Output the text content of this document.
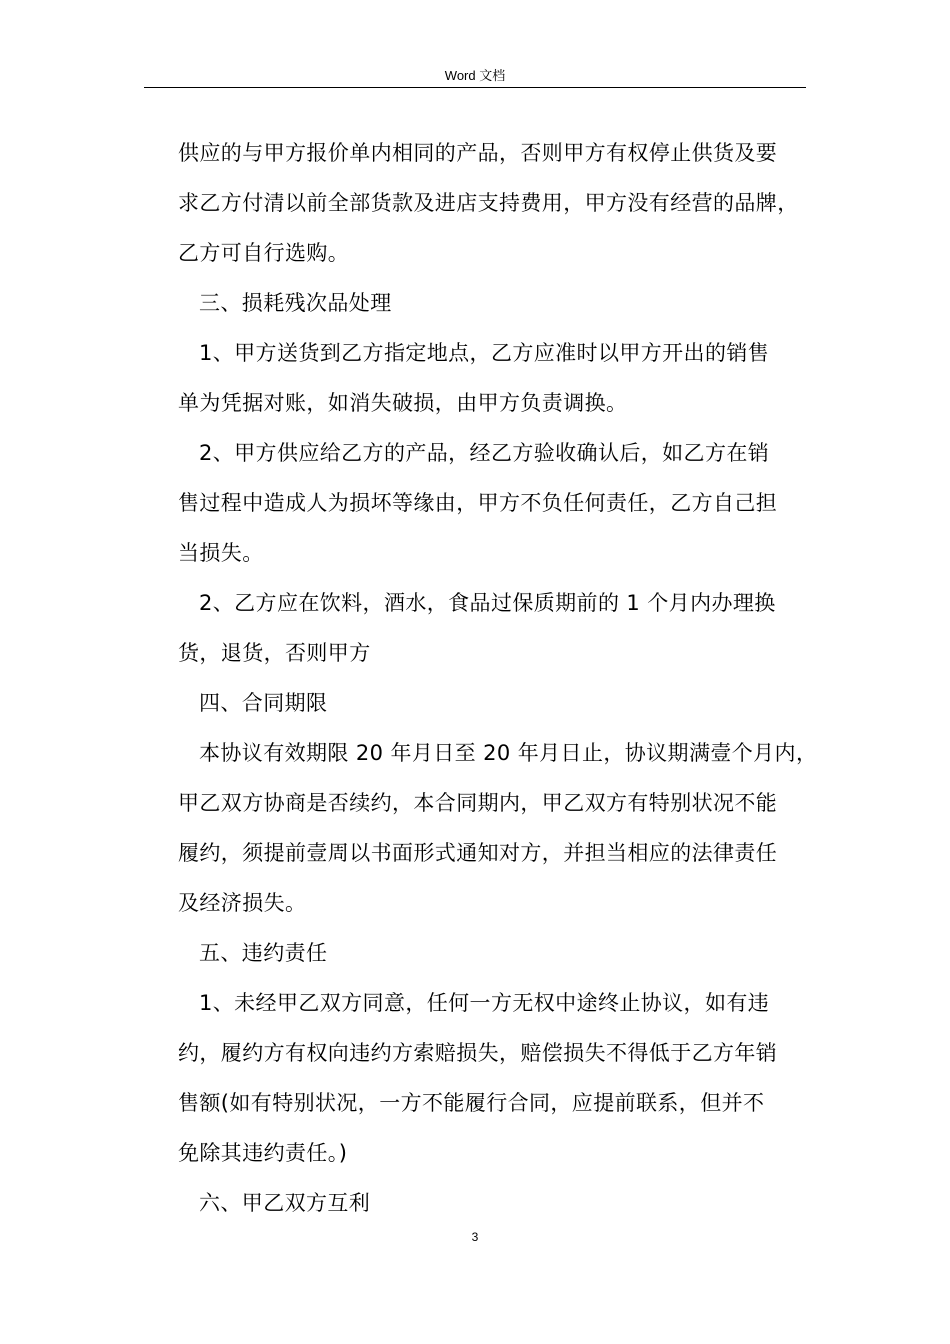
Word 文档
供应的与甲方报价单内相同的产品，否则甲方有权停止供货及要
求乙方付清以前全部货款及进店支持费用，甲方没有经营的品牌，
乙方可自行选购。
三、损耗残次品处理
1、甲方送货到乙方指定地点，乙方应准时以甲方开出的销售
单为凭据对账，如消失破损，由甲方负责调换。
2、甲方供应给乙方的产品，经乙方验收确认后，如乙方在销
售过程中造成人为损坏等缘由，甲方不负任何责任，乙方自己担
当损失。
2、乙方应在饮料，酒水，食品过保质期前的 1 个月内办理换
货，退货，否则甲方
四、合同期限
本协议有效期限 20 年月日至 20 年月日止，协议期满壹个月内，
甲乙双方协商是否续约，本合同期内，甲乙双方有特别状况不能
履约，须提前壹周以书面形式通知对方，并担当相应的法律责任
及经济损失。
五、违约责任
1、未经甲乙双方同意，任何一方无权中途终止协议，如有违
约，履约方有权向违约方索赔损失，赔偿损失不得低于乙方年销
售额(如有特别状况，一方不能履行合同，应提前联系，但并不
免除其违约责任。)
六、甲乙双方互利
3
